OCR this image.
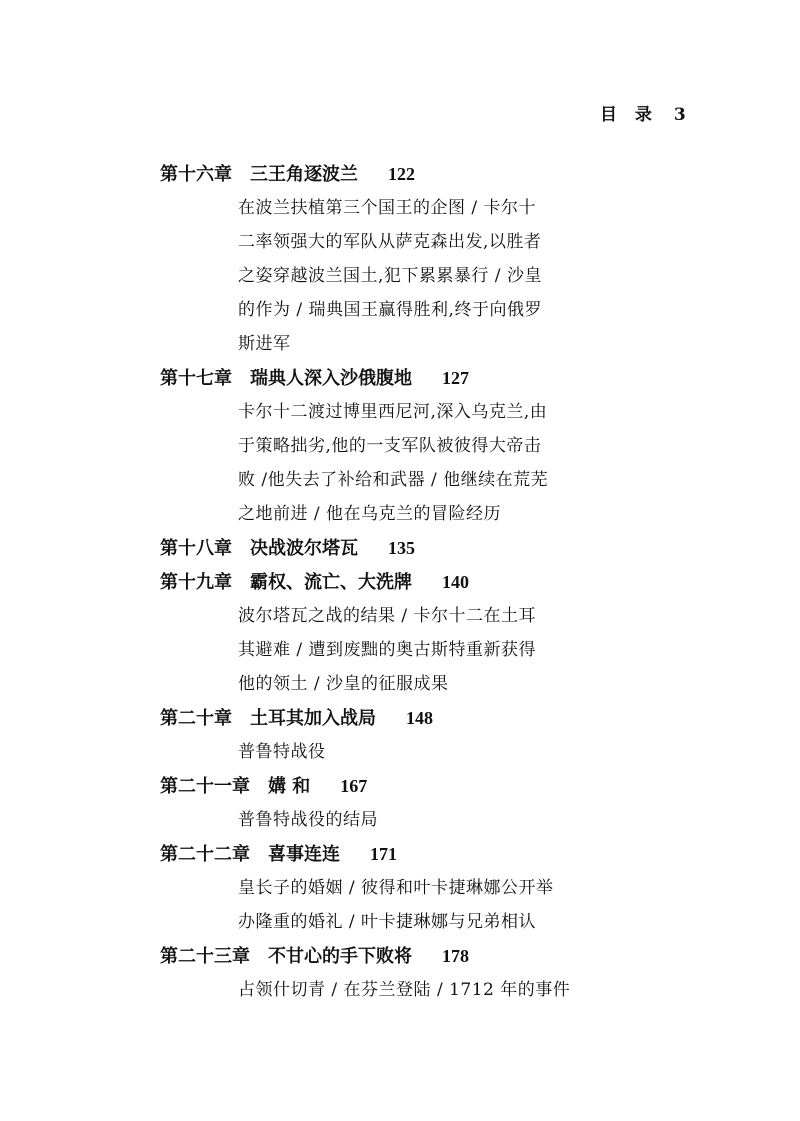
目 录 3
第十六章 三王角逐波兰 122
在波兰扶植第三个国王的企图 / 卡尔十
二率领强大的军队从萨克森出发,以胜者
之姿穿越波兰国土,犯下累累暴行 / 沙皇
的作为 / 瑞典国王赢得胜利,终于向俄罗
斯进军
第十七章 瑞典人深入沙俄腹地 127
卡尔十二渡过博里西尼河,深入乌克兰,由
于策略拙劣,他的一支军队被彼得大帝击
败 /他失去了补给和武器 / 他继续在荒芜
之地前进 / 他在乌克兰的冒险经历
第十八章 决战波尔塔瓦 135
第十九章 霸权、流亡、大洗牌 140
波尔塔瓦之战的结果 / 卡尔十二在土耳
其避难 / 遭到废黜的奥古斯特重新获得
他的领土 / 沙皇的征服成果
第二十章 土耳其加入战局 148
普鲁特战役
第二十一章 媾 和 167
普鲁特战役的结局
第二十二章 喜事连连 171
皇长子的婚姻 / 彼得和叶卡捷琳娜公开举
办隆重的婚礼 / 叶卡捷琳娜与兄弟相认
第二十三章 不甘心的手下败将 178
占领什切青 / 在芬兰登陆 / 1712 年的事件
